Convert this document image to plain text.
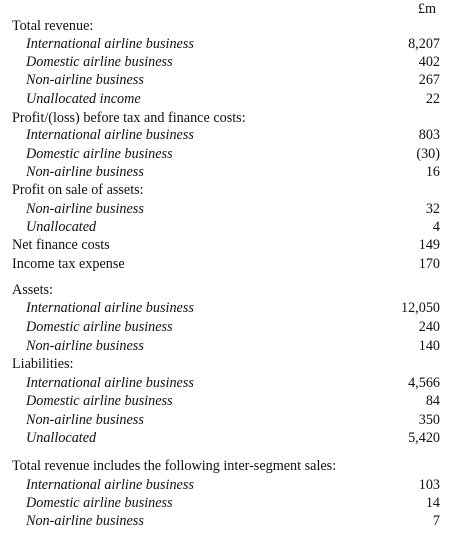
£m
Total revenue:
International airline business	8,207
Domestic airline business	402
Non-airline business	267
Unallocated income	22
Profit/(loss) before tax and finance costs:
International airline business	803
Domestic airline business	(30)
Non-airline business	16
Profit on sale of assets:
Non-airline business	32
Unallocated	4
Net finance costs	149
Income tax expense	170
Assets:
International airline business	12,050
Domestic airline business	240
Non-airline business	140
Liabilities:
International airline business	4,566
Domestic airline business	84
Non-airline business	350
Unallocated	5,420
Total revenue includes the following inter-segment sales:
International airline business	103
Domestic airline business	14
Non-airline business	7
